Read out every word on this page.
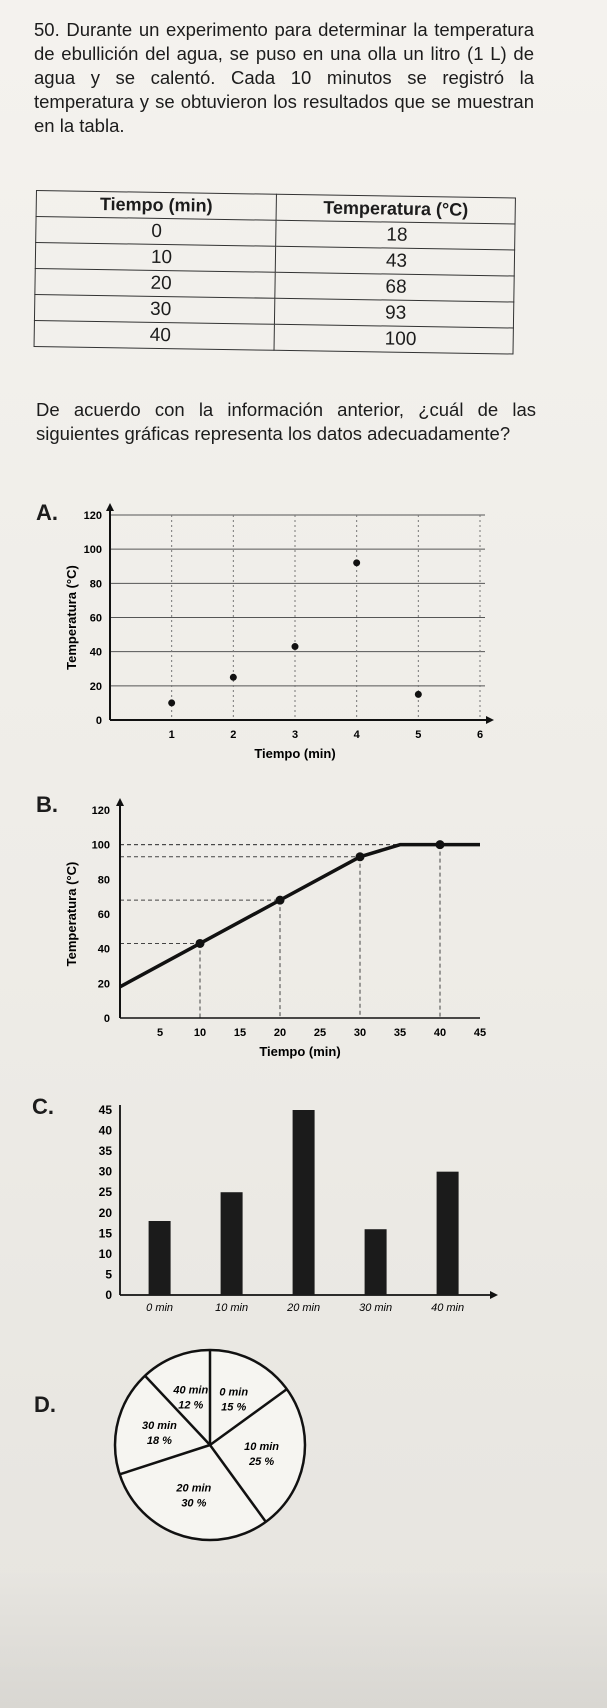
50. Durante un experimento para determinar la temperatura de ebullición del agua, se puso en una olla un litro (1 L) de agua y se calentó. Cada 10 minutos se registró la temperatura y se obtuvieron los resultados que se muestran en la tabla.
Tiempo (min)	Temperatura (°C)
0	18
10	43
20	68
30	93
40	100
De acuerdo con la información anterior, ¿cuál de las siguientes gráficas representa los datos adecuadamente?
A.
B.
C.
D.
0
20
40
60
80
100
120
1	2	3	4	5	6
Tiempo (min)
Temperatura (°C)
0
20
40
60
80
100
120
5	10	15	20	25	30	35	40	45
Tiempo (min)
Temperatura (°C)
0
5
10
15
20
25
30
35
40
45
0 min	10 min	20 min	30 min	40 min
0 min
15 %
10 min
25 %
20 min
30 %
30 min
18 %
40 min
12 %
